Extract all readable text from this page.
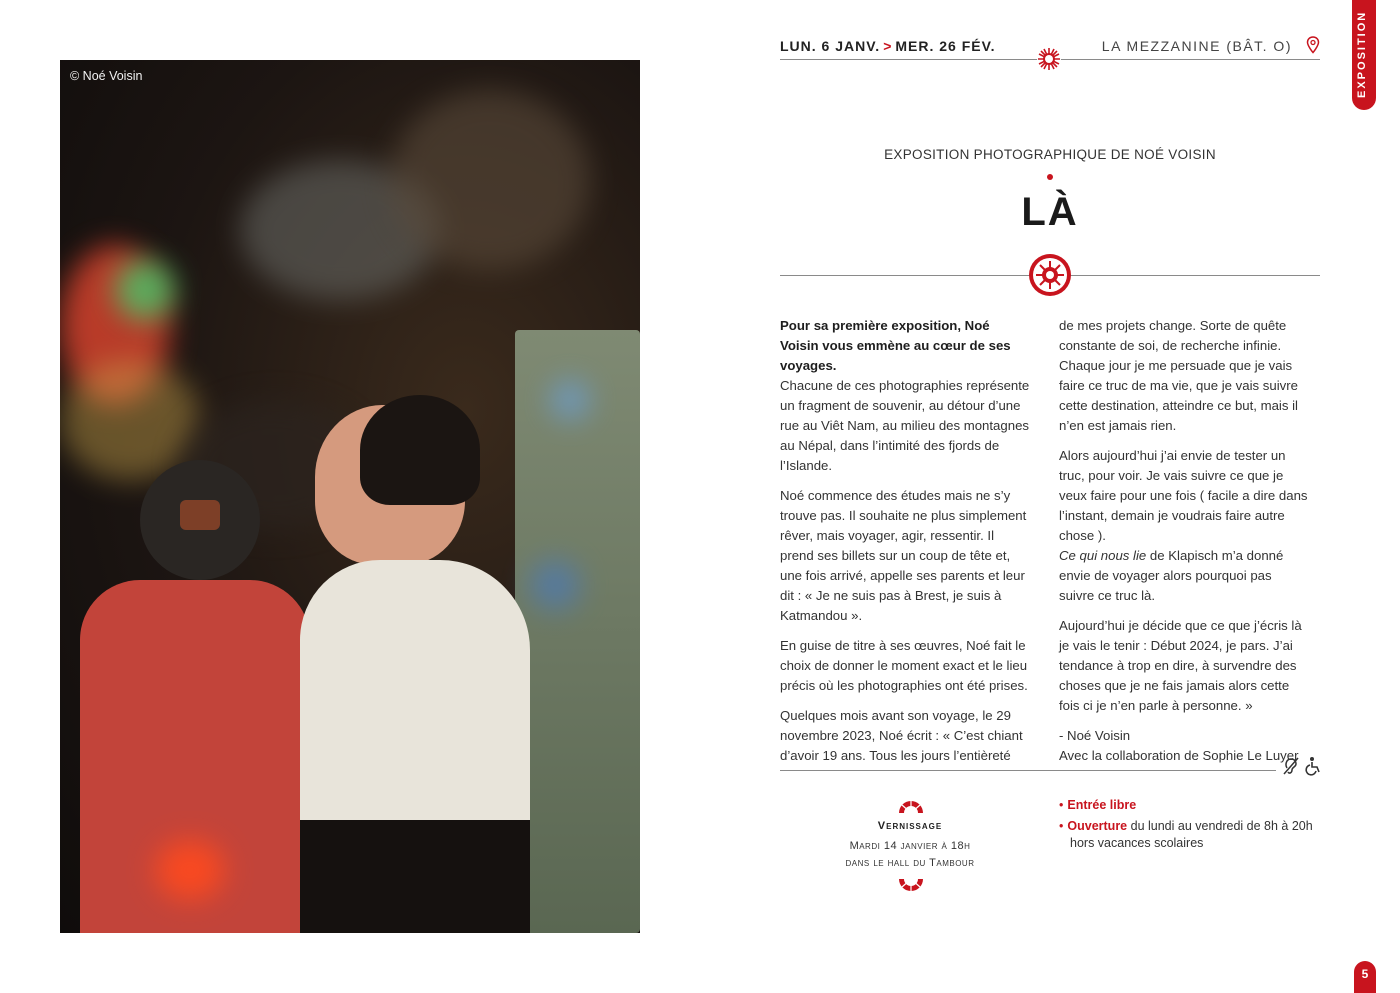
© Noé Voisin
LUN. 6 JANV. > MER. 26 FÉV.	LA MEZZANINE (BÂT. O)	EXPOSITION
EXPOSITION PHOTOGRAPHIQUE DE NOÉ VOISIN
LÀ

Pour sa première exposition, Noé Voisin vous emmène au cœur de ses voyages.
Chacune de ces photographies représente un fragment de souvenir, au détour d’une rue au Viêt Nam, au milieu des montagnes au Népal, dans l’intimité des fjords de l’Islande.

Noé commence des études mais ne s’y trouve pas. Il souhaite ne plus simplement rêver, mais voyager, agir, ressentir. Il prend ses billets sur un coup de tête et, une fois arrivé, appelle ses parents et leur dit : « Je ne suis pas à Brest, je suis à Katmandou ».

En guise de titre à ses œuvres, Noé fait le choix de donner le moment exact et le lieu précis où les photographies ont été prises.

Quelques mois avant son voyage, le 29 novembre 2023, Noé écrit : « C’est chiant d’avoir 19 ans. Tous les jours l’entièreté

de mes projets change. Sorte de quête constante de soi, de recherche infinie. Chaque jour je me persuade que je vais faire ce truc de ma vie, que je vais suivre cette destination, atteindre ce but, mais il n’en est jamais rien.

Alors aujourd’hui j’ai envie de tester un truc, pour voir. Je vais suivre ce que je veux faire pour une fois ( facile a dire dans l’instant, demain je voudrais faire autre chose ).
Ce qui nous lie de Klapisch m’a donné envie de voyager alors pourquoi pas suivre ce truc là.

Aujourd’hui je décide que ce que j’écris là je vais le tenir : Début 2024, je pars. J’ai tendance à trop en dire, à survendre des choses que je ne fais jamais alors cette fois ci je n’en parle à personne. »

- Noé Voisin
Avec la collaboration de Sophie Le Luyer

Vernissage
Mardi 14 janvier à 18h
dans le hall du Tambour
• Entrée libre
• Ouverture du lundi au vendredi de 8h à 20h
hors vacances scolaires
5
